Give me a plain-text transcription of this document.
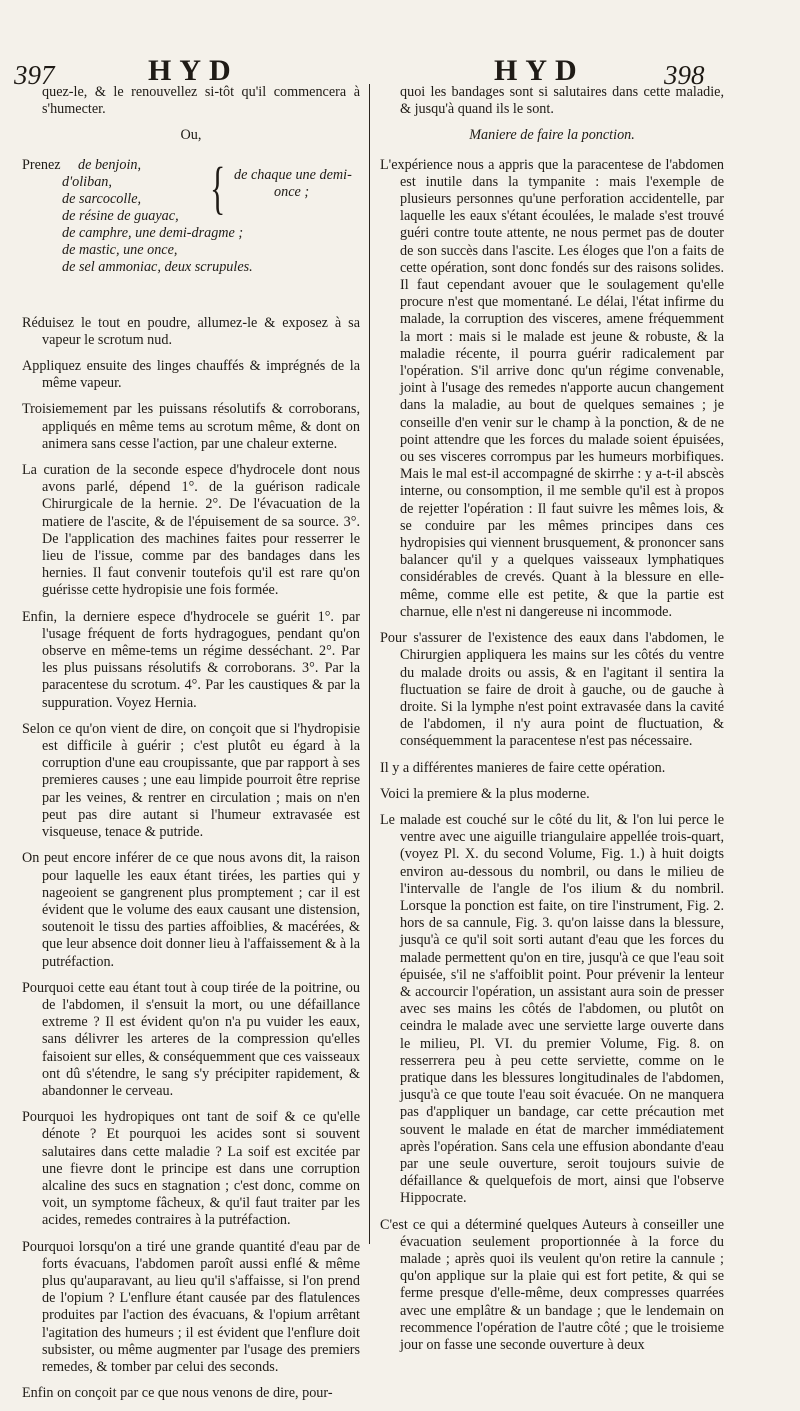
397	HYD	HYD	398

quez-le, & le renouvellez si-tôt qu'il commencera à s'humecter.

Ou,

Prenez de benjoin,
d'oliban,
de sarcocolle,
de résine de guayac,
de camphre, une demi-dragme ;
de mastic, une once,
de sel ammoniac, deux scrupules.
{ de chaque une demi-
once ;

Réduisez le tout en poudre, allumez-le & exposez à sa vapeur le scrotum nud.

Appliquez ensuite des linges chauffés & imprégnés de la même vapeur.

Troisiemement par les puissans résolutifs & corroborans, appliqués en même tems au scrotum même, & dont on animera sans cesse l'action, par une chaleur externe.

La curation de la seconde espece d'hydrocele dont nous avons parlé, dépend 1°. de la guérison radicale Chirurgicale de la hernie. 2°. De l'évacuation de la matiere de l'ascite, & de l'épuisement de sa source. 3°. De l'application des machines faites pour resserrer le lieu de l'issue, comme par des bandages dans les hernies. Il faut convenir toutefois qu'il est rare qu'on guérisse cette hydropisie une fois formée.

Enfin, la derniere espece d'hydrocele se guérit 1°. par l'usage fréquent de forts hydragogues, pendant qu'on observe en même-tems un régime desséchant. 2°. Par les plus puissans résolutifs & corroborans. 3°. Par la paracentese du scrotum. 4°. Par les caustiques & par la suppuration. Voyez Hernia.

Selon ce qu'on vient de dire, on conçoit que si l'hydropisie est difficile à guérir ; c'est plutôt eu égard à la corruption d'une eau croupissante, que par rapport à ses premieres causes ; une eau limpide pourroit être reprise par les veines, & rentrer en circulation ; mais on n'en peut pas dire autant si l'humeur extravasée est visqueuse, tenace & putride.

On peut encore inférer de ce que nous avons dit, la raison pour laquelle les eaux étant tirées, les parties qui y nageoient se gangrenent plus promptement ; car il est évident que le volume des eaux causant une distension, soutenoit le tissu des parties affoiblies, & macérées, & que leur absence doit donner lieu à l'affaissement & à la putréfaction.

Pourquoi cette eau étant tout à coup tirée de la poitrine, ou de l'abdomen, il s'ensuit la mort, ou une défaillance extreme ? Il est évident qu'on n'a pu vuider les eaux, sans délivrer les arteres de la compression qu'elles faisoient sur elles, & conséquemment que ces vaisseaux ont dû s'étendre, le sang s'y précipiter rapidement, & abandonner le cerveau.

Pourquoi les hydropiques ont tant de soif & ce qu'elle dénote ? Et pourquoi les acides sont si souvent salutaires dans cette maladie ? La soif est excitée par une fievre dont le principe est dans une corruption alcaline des sucs en stagnation ; c'est donc, comme on voit, un symptome fâcheux, & qu'il faut traiter par les acides, remedes contraires à la putréfaction.

Pourquoi lorsqu'on a tiré une grande quantité d'eau par de forts évacuans, l'abdomen paroît aussi enflé & même plus qu'auparavant, au lieu qu'il s'affaisse, si l'on prend de l'opium ? L'enflure étant causée par des flatulences produites par l'action des évacuans, & l'opium arrêtant l'agitation des humeurs ; il est évident que l'enflure doit subsister, ou même augmenter par l'usage des premiers remedes, & tomber par celui des seconds.

Enfin on conçoit par ce que nous venons de dire, pour-

quoi les bandages sont si salutaires dans cette maladie, & jusqu'à quand ils le sont.

Maniere de faire la ponction.

L'expérience nous a appris que la paracentese de l'abdomen est inutile dans la tympanite : mais l'exemple de plusieurs personnes qu'une perforation accidentelle, par laquelle les eaux s'étant écoulées, le malade s'est trouvé guéri contre toute attente, ne nous permet pas de douter de son succès dans l'ascite. Les éloges que l'on a faits de cette opération, sont donc fondés sur des raisons solides. Il faut cependant avouer que le soulagement qu'elle procure n'est que momentané. Le délai, l'état infirme du malade, la corruption des visceres, amene fréquemment la mort : mais si le malade est jeune & robuste, & la maladie récente, il pourra guérir radicalement par l'opération. S'il arrive donc qu'un régime convenable, joint à l'usage des remedes n'apporte aucun changement dans la maladie, au bout de quelques semaines ; je conseille d'en venir sur le champ à la ponction, & de ne point attendre que les forces du malade soient épuisées, ou ses visceres corrompus par les humeurs morbifiques. Mais le mal est-il accompagné de skirrhe : y a-t-il abscès interne, ou consomption, il me semble qu'il est à propos de rejetter l'opération : Il faut suivre les mêmes lois, & se conduire par les mêmes principes dans ces hydropisies qui viennent brusquement, & prononcer sans balancer qu'il y a quelques vaisseaux lymphatiques considérables de crevés. Quant à la blessure en elle-même, comme elle est petite, & que la partie est charnue, elle n'est ni dangereuse ni incommode.

Pour s'assurer de l'existence des eaux dans l'abdomen, le Chirurgien appliquera les mains sur les côtés du ventre du malade droits ou assis, & en l'agitant il sentira la fluctuation se faire de droit à gauche, ou de gauche à droite. Si la lymphe n'est point extravasée dans la cavité de l'abdomen, il n'y aura point de fluctuation, & conséquemment la paracentese n'est pas nécessaire.

Il y a différentes manieres de faire cette opération.

Voici la premiere & la plus moderne.

Le malade est couché sur le côté du lit, & l'on lui perce le ventre avec une aiguille triangulaire appellée trois-quart, (voyez Pl. X. du second Volume, Fig. 1.) à huit doigts environ au-dessous du nombril, ou dans le milieu de l'intervalle de l'angle de l'os ilium & du nombril. Lorsque la ponction est faite, on tire l'instrument, Fig. 2. hors de sa cannule, Fig. 3. qu'on laisse dans la blessure, jusqu'à ce qu'il soit sorti autant d'eau que les forces du malade permettent qu'on en tire, jusqu'à ce que l'eau soit épuisée, s'il ne s'affoiblit point. Pour prévenir la lenteur & accourcir l'opération, un assistant aura soin de presser avec ses mains les côtés de l'abdomen, ou plutôt on ceindra le malade avec une serviette large ouverte dans le milieu, Pl. VI. du premier Volume, Fig. 8. on resserrera peu à peu cette serviette, comme on le pratique dans les blessures longitudinales de l'abdomen, jusqu'à ce que toute l'eau soit évacuée. On ne manquera pas d'appliquer un bandage, car cette précaution met souvent le malade en état de marcher immédiatement après l'opération. Sans cela une effusion abondante d'eau par une seule ouverture, seroit toujours suivie de défaillance & quelquefois de mort, ainsi que l'observe Hippocrate.

C'est ce qui a déterminé quelques Auteurs à conseiller une évacuation seulement proportionnée à la force du malade ; après quoi ils veulent qu'on retire la cannule ; qu'on applique sur la plaie qui est fort petite, & qui se ferme presque d'elle-même, deux compresses quarrées avec une emplâtre & un bandage ; que le lendemain on recommence l'opération de l'autre côté ; que le troisieme jour on fasse une seconde ouverture à deux
